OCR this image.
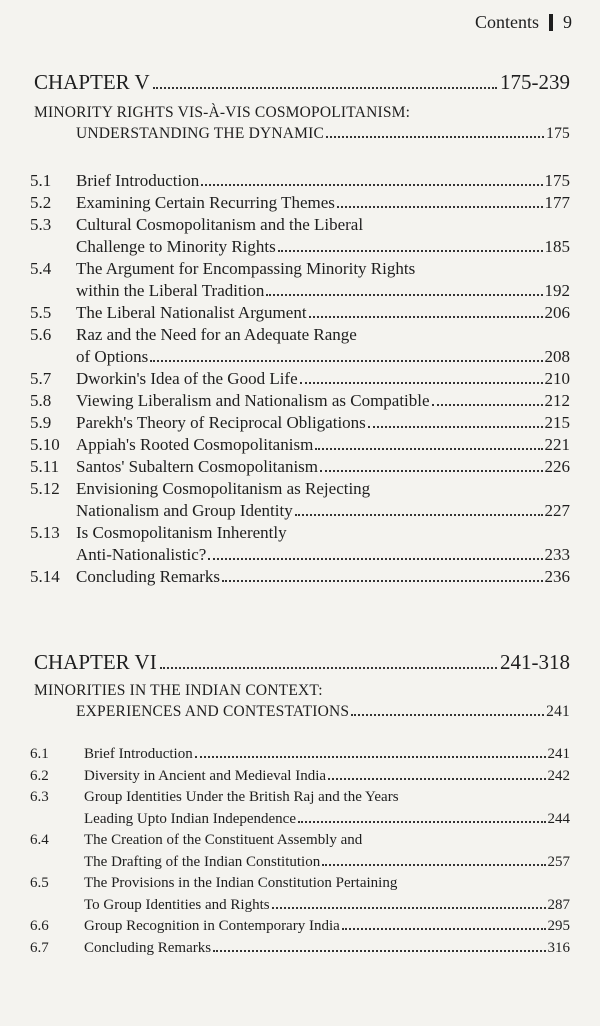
Contents 9
CHAPTER V	175-239
MINORITY RIGHTS VIS-À-VIS COSMOPOLITANISM:
UNDERSTANDING THE DYNAMIC	175
5.1	Brief Introduction	175
5.2	Examining Certain Recurring Themes	177
5.3	Cultural Cosmopolitanism and the Liberal
Challenge to Minority Rights	185
5.4	The Argument for Encompassing Minority Rights
within the Liberal Tradition	192
5.5	The Liberal Nationalist Argument	206
5.6	Raz and the Need for an Adequate Range
of Options	208
5.7	Dworkin's Idea of the Good Life	210
5.8	Viewing Liberalism and Nationalism as Compatible	212
5.9	Parekh's Theory of Reciprocal Obligations	215
5.10 Appiah's Rooted Cosmopolitanism	221
5.11 Santos' Subaltern Cosmopolitanism	226
5.12 Envisioning Cosmopolitanism as Rejecting
Nationalism and Group Identity	227
5.13 Is Cosmopolitanism Inherently
Anti-Nationalistic?	233
5.14 Concluding Remarks	236
CHAPTER VI	241-318
MINORITIES IN THE INDIAN CONTEXT:
EXPERIENCES AND CONTESTATIONS	241
6.1	Brief Introduction	241
6.2	Diversity in Ancient and Medieval India	242
6.3	Group Identities Under the British Raj and the Years
Leading Upto Indian Independence	244
6.4	The Creation of the Constituent Assembly and
The Drafting of the Indian Constitution	257
6.5	The Provisions in the Indian Constitution Pertaining
To Group Identities and Rights	287
6.6	Group Recognition in Contemporary India	295
6.7	Concluding Remarks	316
